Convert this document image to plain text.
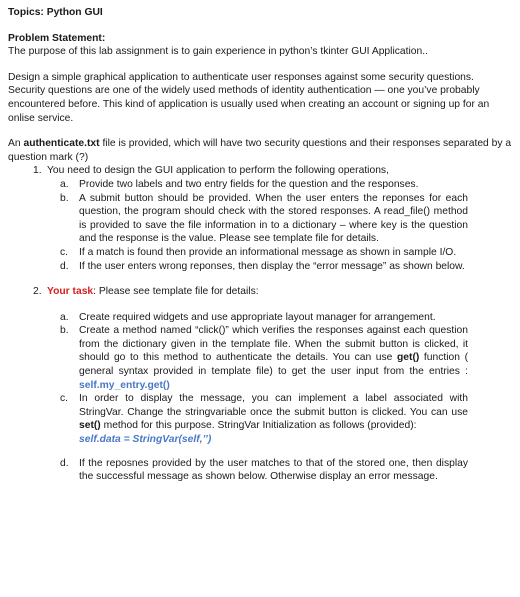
Topics: Python GUI

Problem Statement:

The purpose of this lab assignment is to gain experience in python’s tkinter GUI Application..

Design a simple graphical application to authenticate user responses against some security questions. Security questions are one of the widely used methods of identity authentication — one you’ve probably encountered before. This kind of application is usually used when creating an account or signing up for an onlise service.

An authenticate.txt file is provided, which will have two security questions and their responses separated by a question mark (?)

1. You need to design the GUI application to perform the following operations,
a.	Provide two labels and two entry fields for the question and the responses.
b.	A submit button should be provided. When the user enters the reponses for each question, the program should check with the stored responses. A read_file() method is provided to save the file information in to a dictionary – where key is the question and the response is the value. Please see template file for details.
c.	If a match is found then provide an informational message as shown in sample I/O.
d.	If the user enters wrong reponses, then display the “error message” as shown below.
2. Your task: Please see template file for details:
a.	Create required widgets and use appropriate layout manager for arrangement.
b.	Create a method named “click()” which verifies the responses against each question from the dictionary given in the template file. When the submit button is clicked, it should go to this method to authenticate the details. You can use get() function ( general syntax provided in template file) to get the user input from the entries : self.my_entry.get()
c.	In order to display the message, you can implement a label associated with StringVar. Change the stringvariable once the submit button is clicked. You can use set() method for this purpose. StringVar Initialization as follows (provided):

self.data = StringVar(self,’’)

d.	If the reposnes provided by the user matches to that of the stored one, then display the successful message as shown below. Otherwise display an error message.
